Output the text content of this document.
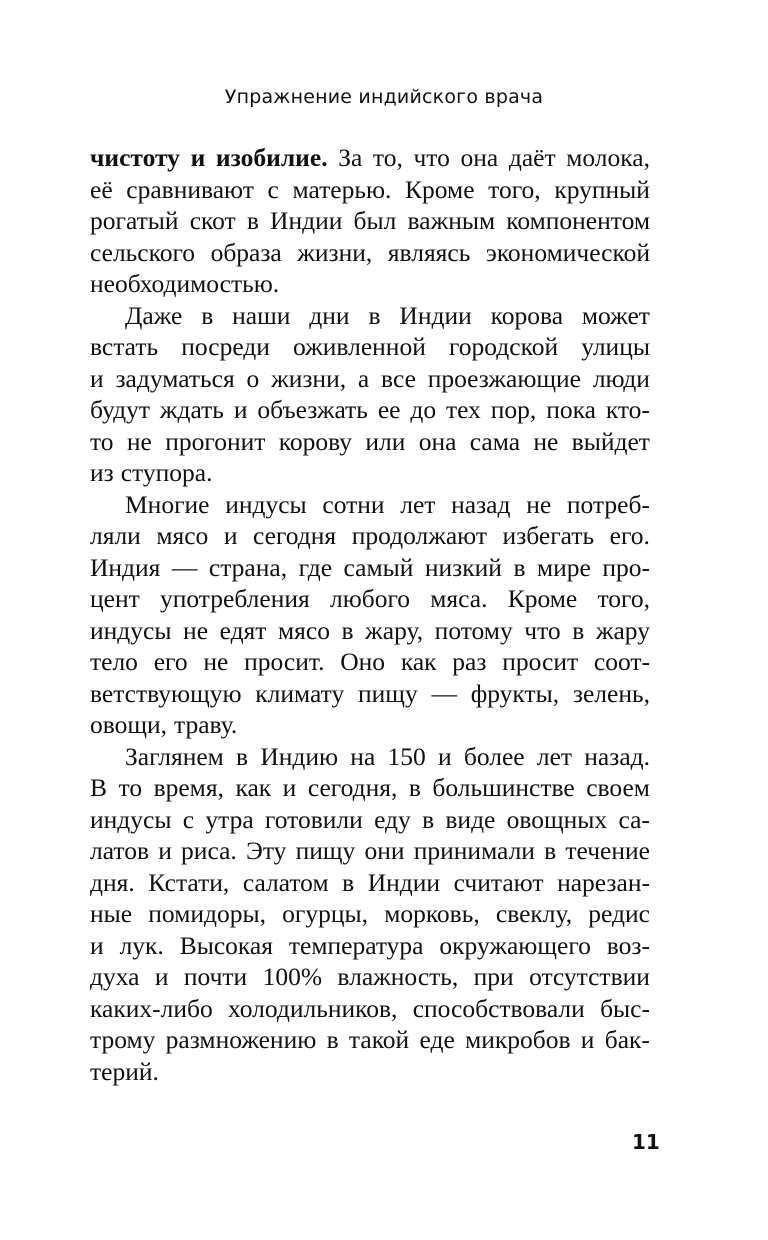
Упражнение индийского врача
чистоту и изобилие. За то, что она даёт молока,
её сравнивают с матерью. Кроме того, крупный
рогатый скот в Индии был важным компонентом
сельского образа жизни, являясь экономической
необходимостью.
Даже в наши дни в Индии корова может
встать посреди оживленной городской улицы
и задуматься о жизни, а все проезжающие люди
будут ждать и объезжать ее до тех пор, пока кто-
то не прогонит корову или она сама не выйдет
из ступора.
Многие индусы сотни лет назад не потреб-
ляли мясо и сегодня продолжают избегать его.
Индия — страна, где самый низкий в мире про-
цент употребления любого мяса. Кроме того,
индусы не едят мясо в жару, потому что в жару
тело его не просит. Оно как раз просит соот-
ветствующую климату пищу — фрукты, зелень,
овощи, траву.
Заглянем в Индию на 150 и более лет назад.
В то время, как и сегодня, в большинстве своем
индусы с утра готовили еду в виде овощных са-
латов и риса. Эту пищу они принимали в течение
дня. Кстати, салатом в Индии считают нарезан-
ные помидоры, огурцы, морковь, свеклу, редис
и лук. Высокая температура окружающего воз-
духа и почти 100% влажность, при отсутствии
каких-либо холодильников, способствовали быс-
трому размножению в такой еде микробов и бак-
терий.
11
